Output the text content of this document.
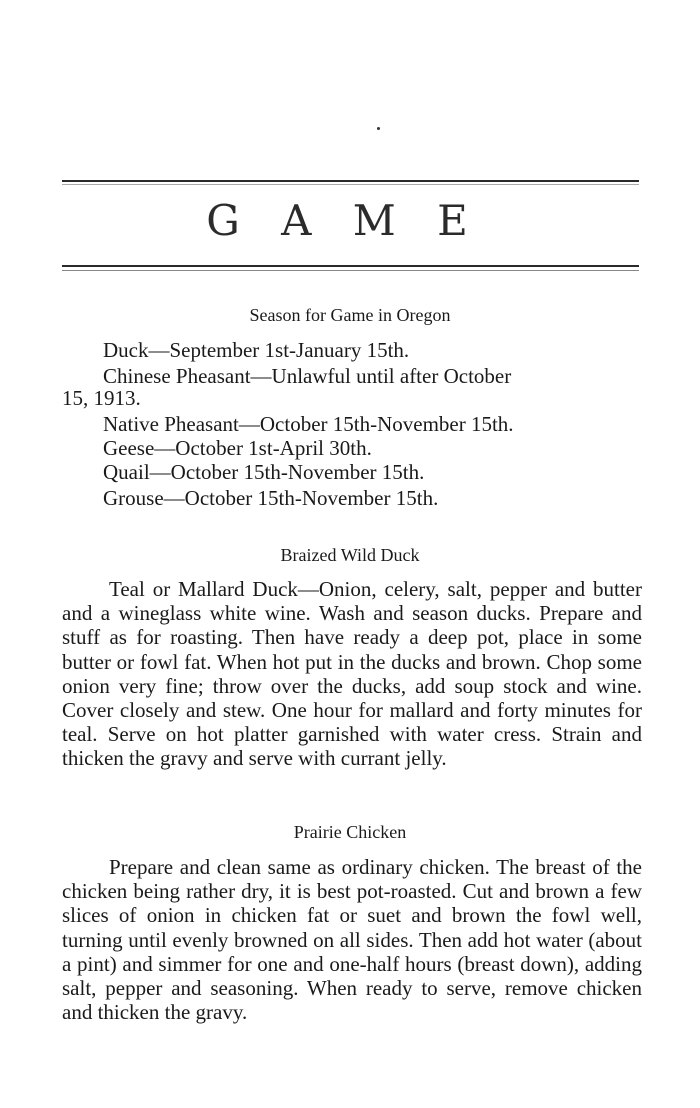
G A M E
Season for Game in Oregon
Duck—September 1st-January 15th.
Chinese Pheasant—Unlawful until after October
15, 1913.
Native Pheasant—October 15th-November 15th.
Geese—October 1st-April 30th.
Quail—October 15th-November 15th.
Grouse—October 15th-November 15th.
Braized Wild Duck

Teal or Mallard Duck—Onion, celery, salt, pepper and butter and a wineglass white wine. Wash and season ducks. Prepare and stuff as for roasting. Then have ready a deep pot, place in some butter or fowl fat. When hot put in the ducks and brown. Chop some onion very fine; throw over the ducks, add soup stock and wine. Cover closely and stew. One hour for mallard and forty minutes for teal. Serve on hot platter garnished with water cress. Strain and thicken the gravy and serve with currant jelly.

Prairie Chicken

Prepare and clean same as ordinary chicken. The breast of the chicken being rather dry, it is best pot-roasted. Cut and brown a few slices of onion in chicken fat or suet and brown the fowl well, turning until evenly browned on all sides. Then add hot water (about a pint) and simmer for one and one-half hours (breast down), adding salt, pepper and seasoning. When ready to serve, remove chicken and thicken the gravy.
